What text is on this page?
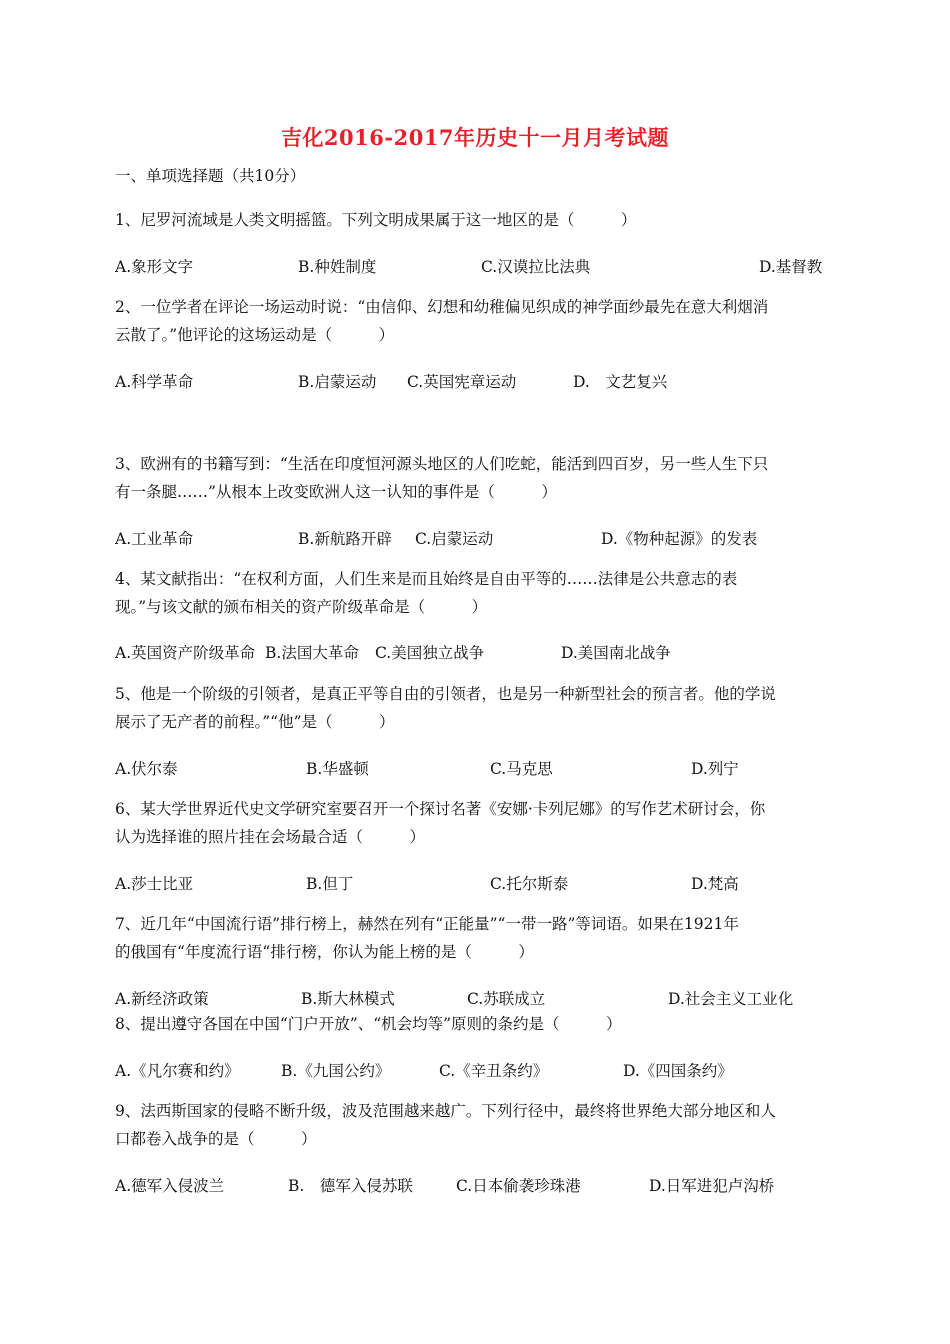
吉化2016-2017年历史十一月月考试题
一、单项选择题（共10分）

1、尼罗河流域是人类文明摇篮。下列文明成果属于这一地区的是（　　　）

A.象形文字	B.种姓制度	C.汉谟拉比法典	D.基督教

2、一位学者在评论一场运动时说：“由信仰、幻想和幼稚偏见织成的神学面纱最先在意大利烟消

云散了。”他评论的这场运动是（　　　）

A.科学革命	B.启蒙运动 C.英国宪章运动	D.　文艺复兴

3、欧洲有的书籍写到：“生活在印度恒河源头地区的人们吃蛇，能活到四百岁，另一些人生下只

有一条腿……”从根本上改变欧洲人这一认知的事件是（　　　）

A.工业革命	B.新航路开辟 C.启蒙运动	D.《物种起源》的发表

4、某文献指出：“在权利方面，人们生来是而且始终是自由平等的……法律是公共意志的表

现。”与该文献的颁布相关的资产阶级革命是（　　　）

A.英国资产阶级革命 B.法国大革命 C.美国独立战争	D.美国南北战争

5、他是一个阶级的引领者，是真正平等自由的引领者，也是另一种新型社会的预言者。他的学说

展示了无产者的前程。”“他”是（　　　）

A.伏尔泰	B.华盛顿	C.马克思	D.列宁

6、某大学世界近代史文学研究室要召开一个探讨名著《安娜·卡列尼娜》的写作艺术研讨会，你

认为选择谁的照片挂在会场最合适（　　　）

A.莎士比亚	B.但丁	C.托尔斯泰	D.梵高

7、近几年“中国流行语”排行榜上，赫然在列有“正能量”“一带一路”等词语。如果在1921年

的俄国有“年度流行语“排行榜，你认为能上榜的是（　　　）

A.新经济政策	B.斯大林模式	C.苏联成立	D.社会主义工业化

8、提出遵守各国在中国“门户开放”、“机会均等”原则的条约是（　　　）

A.《凡尔赛和约》	B.《九国公约》	C.《辛丑条约》	D.《四国条约》

9、法西斯国家的侵略不断升级，波及范围越来越广。下列行径中，最终将世界绝大部分地区和人

口都卷入战争的是（　　　）

A.德军入侵波兰	B.　德军入侵苏联	C.日本偷袭珍珠港	D.日军进犯卢沟桥
